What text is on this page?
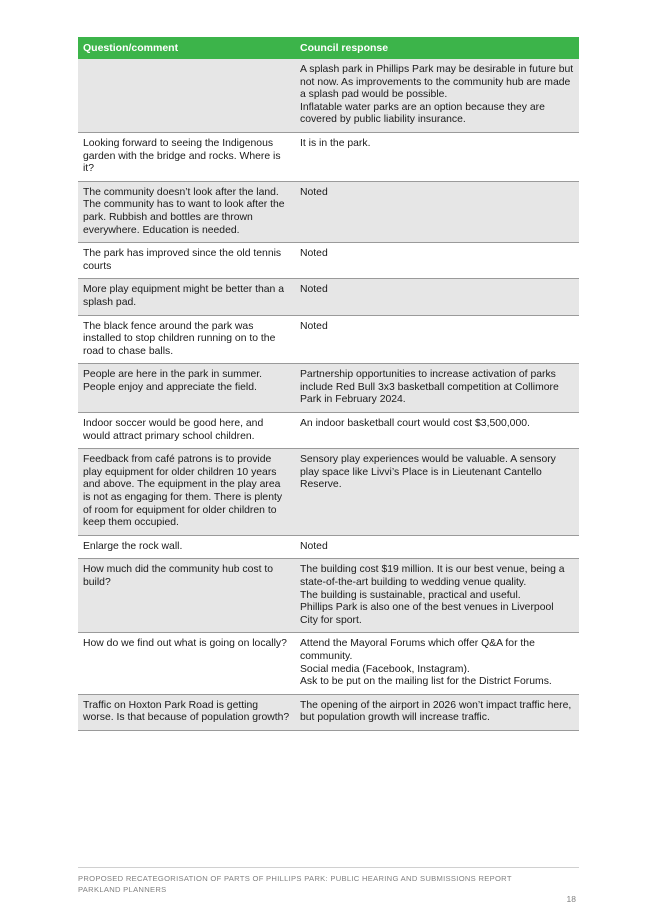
Question/comment	Council response

	A splash park in Phillips Park may be desirable in future but not now. As improvements to the community hub are made a splash pad would be possible.
Inflatable water parks are an option because they are covered by public liability insurance.

Looking forward to seeing the Indigenous garden with the bridge and rocks. Where is it?	It is in the park.

The community doesn’t look after the land. The community has to want to look after the park. Rubbish and bottles are thrown everywhere. Education is needed.	Noted

The park has improved since the old tennis courts	Noted

More play equipment might be better than a splash pad.	Noted

The black fence around the park was installed to stop children running on to the road to chase balls.	Noted

People are here in the park in summer. People enjoy and appreciate the field.	Partnership opportunities to increase activation of parks include Red Bull 3x3 basketball competition at Collimore Park in February 2024.

Indoor soccer would be good here, and would attract primary school children.	An indoor basketball court would cost $3,500,000.

Feedback from café patrons is to provide play equipment for older children 10 years and above. The equipment in the play area is not as engaging for them. There is plenty of room for equipment for older children to keep them occupied.	Sensory play experiences would be valuable. A sensory play space like Livvi’s Place is in Lieutenant Cantello Reserve.

Enlarge the rock wall.	Noted

How much did the community hub cost to build?	The building cost $19 million. It is our best venue, being a state-of-the-art building to wedding venue quality.
The building is sustainable, practical and useful.
Phillips Park is also one of the best venues in Liverpool City for sport.

How do we find out what is going on locally?	Attend the Mayoral Forums which offer Q&A for the community.
Social media (Facebook, Instagram).
Ask to be put on the mailing list for the District Forums.

Traffic on Hoxton Park Road is getting worse. Is that because of population growth?	The opening of the airport in 2026 won’t impact traffic here, but population growth will increase traffic.
PROPOSED RECATEGORISATION OF PARTS OF PHILLIPS PARK: PUBLIC HEARING AND SUBMISSIONS REPORT
PARKLAND PLANNERS
18
